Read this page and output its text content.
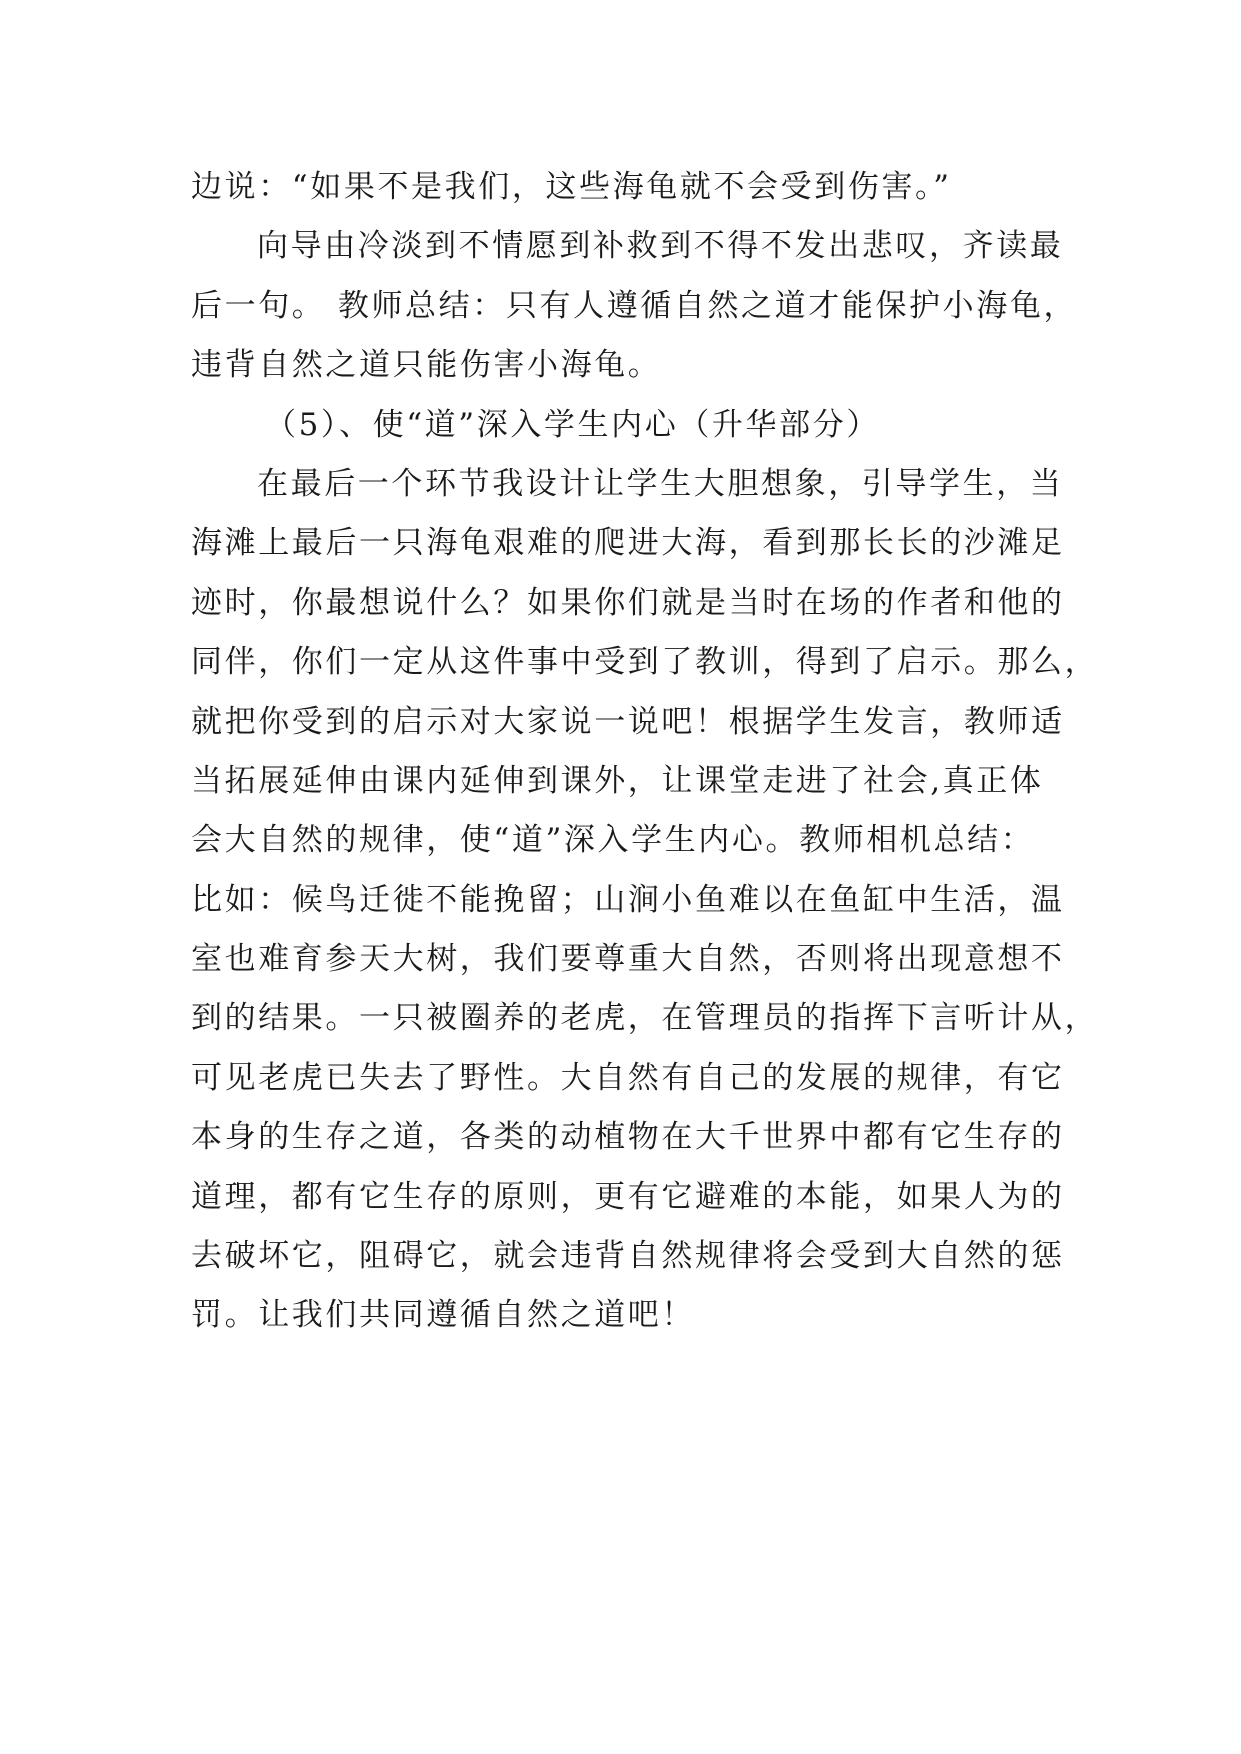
边说：“如果不是我们，这些海龟就不会受到伤害。”
向导由冷淡到不情愿到补救到不得不发出悲叹，齐读最
后一句。 教师总结：只有人遵循自然之道才能保护小海龟，
违背自然之道只能伤害小海龟。
（5）、使“道”深入学生内心（升华部分）
在最后一个环节我设计让学生大胆想象，引导学生，当
海滩上最后一只海龟艰难的爬进大海，看到那长长的沙滩足
迹时，你最想说什么？如果你们就是当时在场的作者和他的
同伴，你们一定从这件事中受到了教训，得到了启示。那么，
就把你受到的启示对大家说一说吧！根据学生发言，教师适
当拓展延伸由课内延伸到课外，让课堂走进了社会,真正体
会大自然的规律，使“道”深入学生内心。教师相机总结：
比如：候鸟迁徙不能挽留；山涧小鱼难以在鱼缸中生活，温
室也难育参天大树，我们要尊重大自然，否则将出现意想不
到的结果。一只被圈养的老虎，在管理员的指挥下言听计从，
可见老虎已失去了野性。大自然有自己的发展的规律，有它
本身的生存之道，各类的动植物在大千世界中都有它生存的
道理，都有它生存的原则，更有它避难的本能，如果人为的
去破坏它，阻碍它，就会违背自然规律将会受到大自然的惩
罚。让我们共同遵循自然之道吧！
